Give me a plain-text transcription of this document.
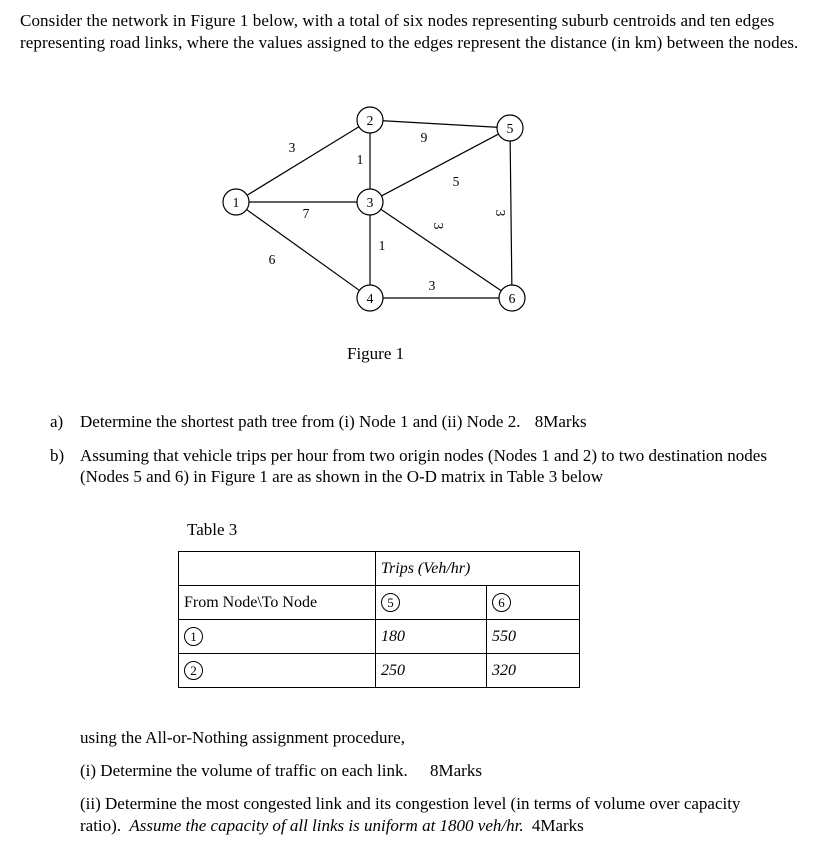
Consider the network in Figure 1 below, with a total of six nodes representing suburb centroids and ten edges representing road links, where the values assigned to the edges represent the distance (in km) between the nodes.
1
2
3
4
5
6
3
7
6
1
9
5
3
1
3
3
Figure 1
a) Determine the shortest path tree from (i) Node 1 and (ii) Node 2. 8Marks
b) Assuming that vehicle trips per hour from two origin nodes (Nodes 1 and 2) to two destination nodes (Nodes 5 and 6) in Figure 1 are as shown in the O-D matrix in Table 3 below
Table 3
	Trips (Veh/hr)	
From Node\To Node	5	6
1	180	550
2	250	320
using the All-or-Nothing assignment procedure,
(i) Determine the volume of traffic on each link. 8Marks
(ii) Determine the most congested link and its congestion level (in terms of volume over capacity ratio). Assume the capacity of all links is uniform at 1800 veh/hr. 4Marks
